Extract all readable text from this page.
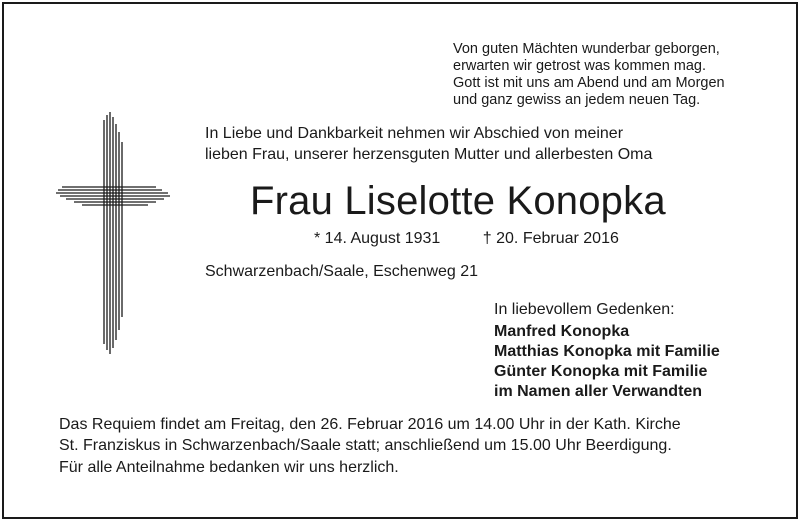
Von guten Mächten wunderbar geborgen,
erwarten wir getrost was kommen mag.
Gott ist mit uns am Abend und am Morgen
und ganz gewiss an jedem neuen Tag.
In Liebe und Dankbarkeit nehmen wir Abschied von meiner
lieben Frau, unserer herzensguten Mutter und allerbesten Oma
Frau Liselotte Konopka
* 14. August 1931	† 20. Februar 2016
Schwarzenbach/Saale, Eschenweg 21
In liebevollem Gedenken:
Manfred Konopka
Matthias Konopka mit Familie
Günter Konopka mit Familie
im Namen aller Verwandten
Das Requiem findet am Freitag, den 26. Februar 2016 um 14.00 Uhr in der Kath. Kirche
St. Franziskus in Schwarzenbach/Saale statt; anschließend um 15.00 Uhr Beerdigung.
Für alle Anteilnahme bedanken wir uns herzlich.
